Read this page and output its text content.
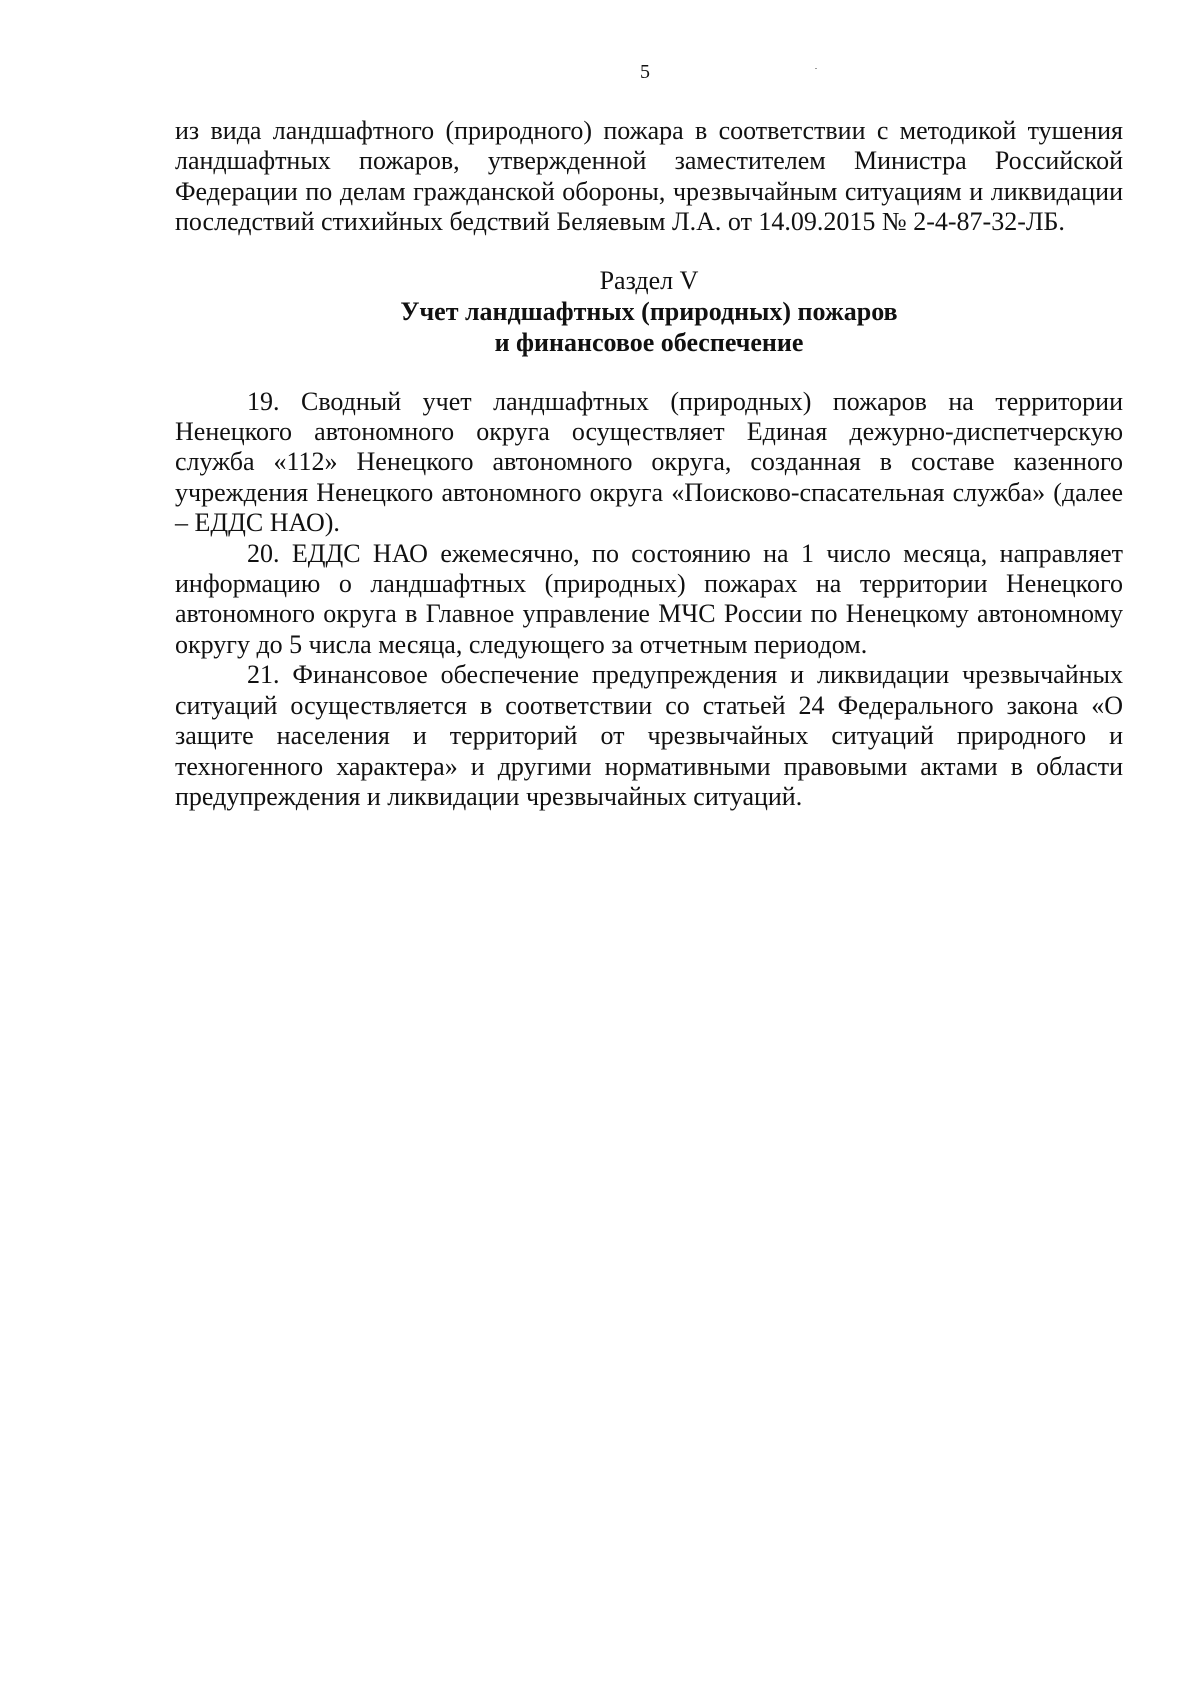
5

из вида ландшафтного (природного) пожара в соответствии с методикой тушения ландшафтных пожаров, утвержденной заместителем Министра Российской Федерации по делам гражданской обороны, чрезвычайным ситуациям и ликвидации последствий стихийных бедствий Беляевым Л.А. от 14.09.2015 № 2-4-87-32-ЛБ.

Раздел V
Учет ландшафтных (природных) пожаров
и финансовое обеспечение

19. Сводный учет ландшафтных (природных) пожаров на территории Ненецкого автономного округа осуществляет Единая дежурно-диспетчерскую служба «112» Ненецкого автономного округа, созданная в составе казенного учреждения Ненецкого автономного округа «Поисково-спасательная служба» (далее – ЕДДС НАО).

20. ЕДДС НАО ежемесячно, по состоянию на 1 число месяца, направляет информацию о ландшафтных (природных) пожарах на территории Ненецкого автономного округа в Главное управление МЧС России по Ненецкому автономному округу до 5 числа месяца, следующего за отчетным периодом.

21. Финансовое обеспечение предупреждения и ликвидации чрезвычайных ситуаций осуществляется в соответствии со статьей 24 Федерального закона «О защите населения и территорий от чрезвычайных ситуаций природного и техногенного характера» и другими нормативными правовыми актами в области предупреждения и ликвидации чрезвычайных ситуаций.
